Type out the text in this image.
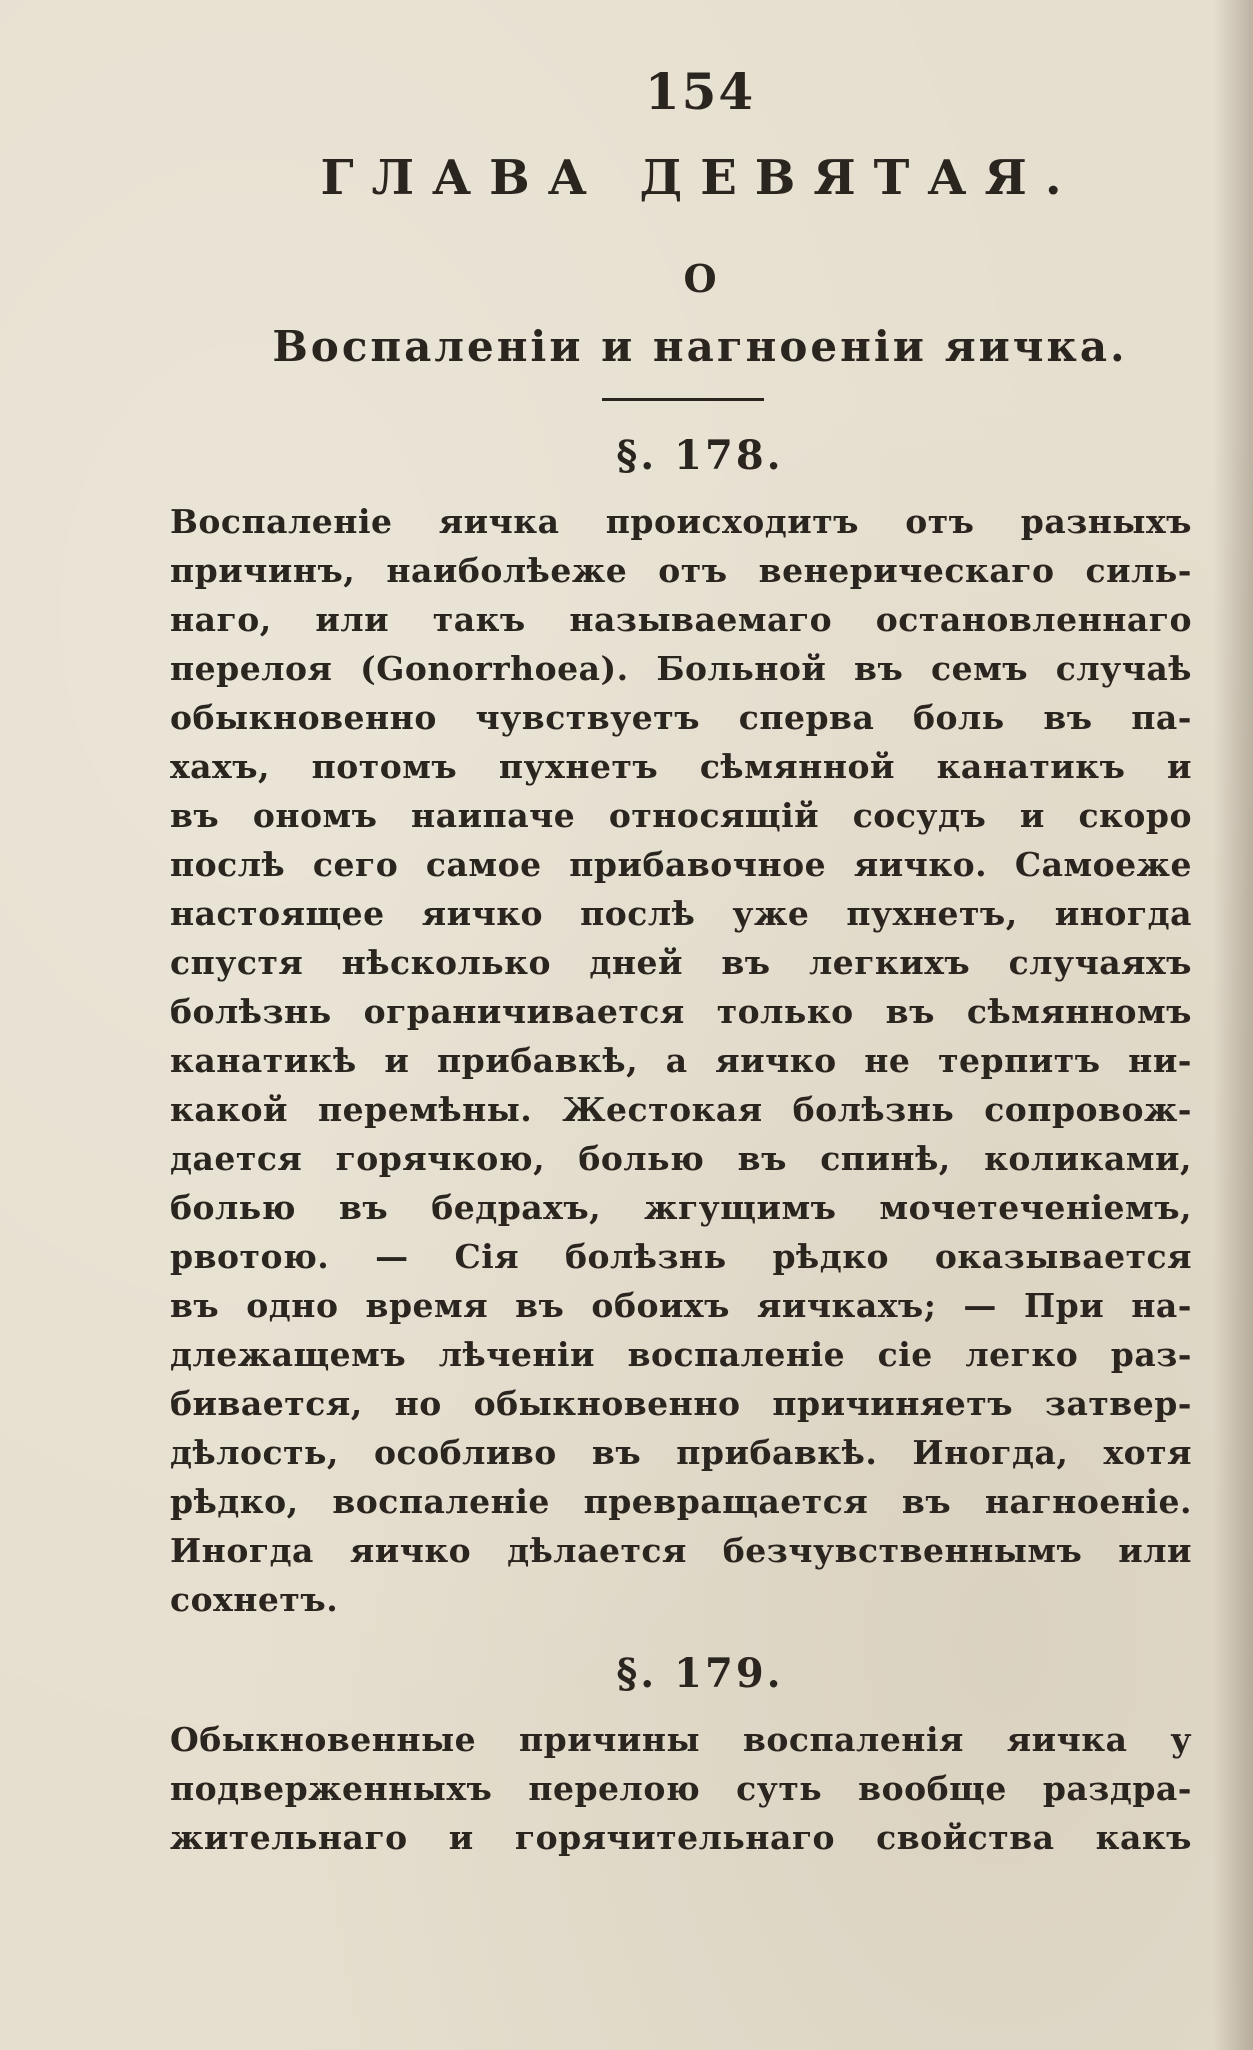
154
ГЛАВА ДЕВЯТАЯ.
О
Воспаленіи и нагноеніи яичка.
§. 178.
Воспаленіе яичка происходитъ отъ разныхъ
причинъ, наиболѣеже отъ венерическаго силь-
наго, или такъ называемаго остановленнаго
перелоя (Gonorrhoea). Больной въ семъ случаѣ
обыкновенно чувствуетъ сперва боль въ па-
хахъ, потомъ пухнетъ сѣмянной канатикъ и
въ ономъ наипаче относящій сосудъ и скоро
послѣ сего самое прибавочное яичко. Самоеже
настоящее яичко послѣ уже пухнетъ, иногда
спустя нѣсколько дней въ легкихъ случаяхъ
болѣзнь ограничивается только въ сѣмянномъ
канатикѣ и прибавкѣ, а яичко не терпитъ ни-
какой перемѣны. Жестокая болѣзнь сопровож-
дается горячкою, болью въ спинѣ, коликами,
болью въ бедрахъ, жгущимъ мочетеченіемъ,
рвотою. — Сія болѣзнь рѣдко оказывается
въ одно время въ обоихъ яичкахъ; — При на-
длежащемъ лѣченіи воспаленіе сіе легко раз-
бивается, но обыкновенно причиняетъ затвер-
дѣлость, особливо въ прибавкѣ. Иногда, хотя
рѣдко, воспаленіе превращается въ нагноеніе.
Иногда яичко дѣлается безчувственнымъ или
сохнетъ.
§. 179.
Обыкновенные причины воспаленія яичка у
подверженныхъ перелою суть вообще раздра-
жительнаго и горячительнаго свойства какъ
